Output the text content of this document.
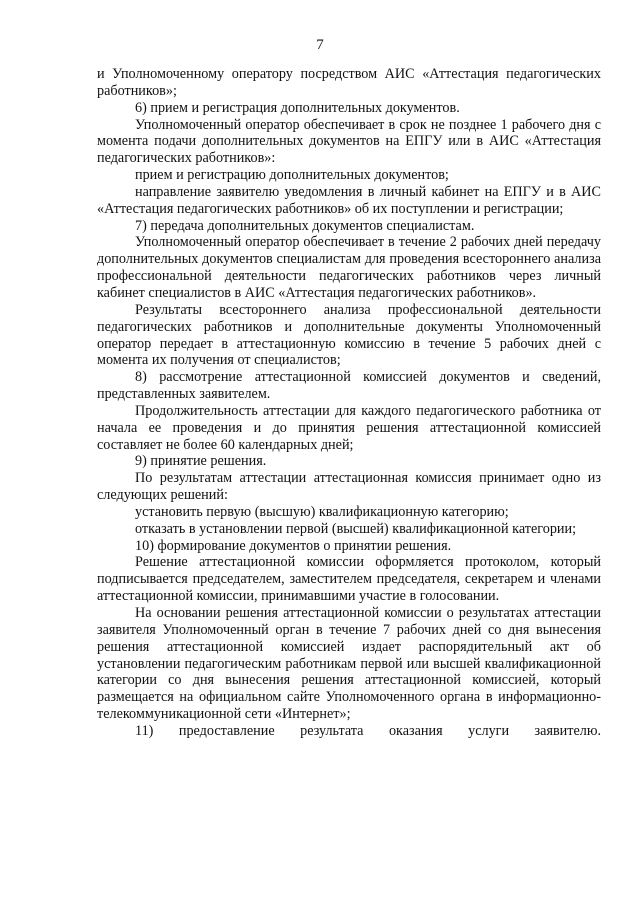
7

и Уполномоченному оператору посредством АИС «Аттестация педагогических работников»;

6) прием и регистрация дополнительных документов.

Уполномоченный оператор обеспечивает в срок не позднее 1 рабочего дня с момента подачи дополнительных документов на ЕПГУ или в АИС «Аттестация педагогических работников»:

прием и регистрацию дополнительных документов;

направление заявителю уведомления в личный кабинет на ЕПГУ и в АИС «Аттестация педагогических работников» об их поступлении и регистрации;

7) передача дополнительных документов специалистам.

Уполномоченный оператор обеспечивает в течение 2 рабочих дней передачу дополнительных документов специалистам для проведения всестороннего анализа профессиональной деятельности педагогических работников через личный кабинет специалистов в АИС «Аттестация педагогических работников».

Результаты всестороннего анализа профессиональной деятельности педагогических работников и дополнительные документы Уполномоченный оператор передает в аттестационную комиссию в течение 5 рабочих дней с момента их получения от специалистов;

8) рассмотрение аттестационной комиссией документов и сведений, представленных заявителем.

Продолжительность аттестации для каждого педагогического работника от начала ее проведения и до принятия решения аттестационной комиссией составляет не более 60 календарных дней;

9) принятие решения.

По результатам аттестации аттестационная комиссия принимает одно из следующих решений:

установить первую (высшую) квалификационную категорию;

отказать в установлении первой (высшей) квалификационной категории;

10) формирование документов о принятии решения.

Решение аттестационной комиссии оформляется протоколом, который подписывается председателем, заместителем председателя, секретарем и членами аттестационной комиссии, принимавшими участие в голосовании.

На основании решения аттестационной комиссии о результатах аттестации заявителя Уполномоченный орган в течение 7 рабочих дней со дня вынесения решения аттестационной комиссией издает распорядительный акт об установлении педагогическим работникам первой или высшей квалификационной категории со дня вынесения решения аттестационной комиссией, который размещается на официальном сайте Уполномоченного органа в информационно-телекоммуникационной сети «Интернет»;

11) предоставление результата оказания услуги заявителю.
